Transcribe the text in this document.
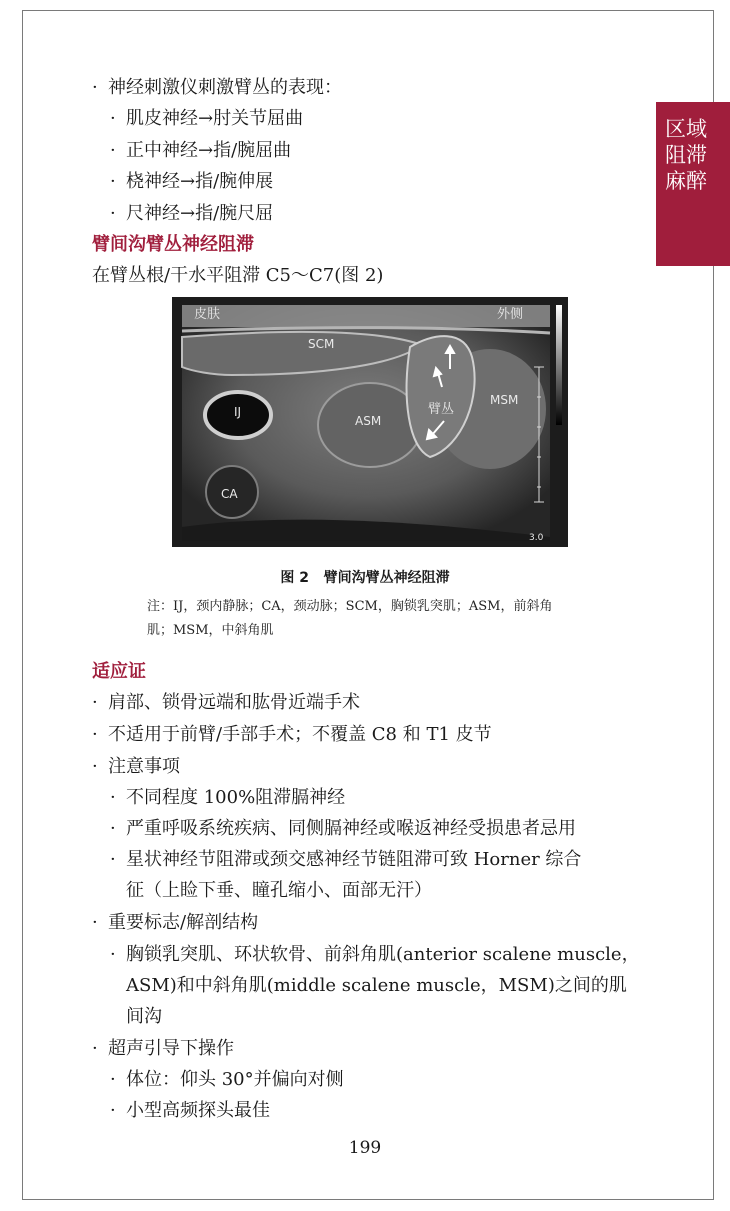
区域阻滞麻醉
· 神经刺激仪刺激臂丛的表现：
· 肌皮神经→肘关节屈曲
· 正中神经→指/腕屈曲
· 桡神经→指/腕伸展
· 尺神经→指/腕尺屈
臂间沟臂丛神经阻滞
在臂丛根/干水平阻滞 C5～C7(图 2)
皮肤	外侧
SCM
IJ
ASM
MSM
臂丛
CA
3.0
图 2 臂间沟臂丛神经阻滞
注：IJ，颈内静脉；CA，颈动脉；SCM，胸锁乳突肌；ASM，前斜角
肌；MSM，中斜角肌
适应证
· 肩部、锁骨远端和肱骨近端手术
· 不适用于前臂/手部手术；不覆盖 C8 和 T1 皮节
· 注意事项
· 不同程度 100%阻滞膈神经
· 严重呼吸系统疾病、同侧膈神经或喉返神经受损患者忌用
· 星状神经节阻滞或颈交感神经节链阻滞可致 Horner 综合
征（上睑下垂、瞳孔缩小、面部无汗）
· 重要标志/解剖结构
· 胸锁乳突肌、环状软骨、前斜角肌(anterior scalene muscle，
ASM)和中斜角肌(middle scalene muscle，MSM)之间的肌
间沟
· 超声引导下操作
· 体位：仰头 30°并偏向对侧
· 小型高频探头最佳
199
